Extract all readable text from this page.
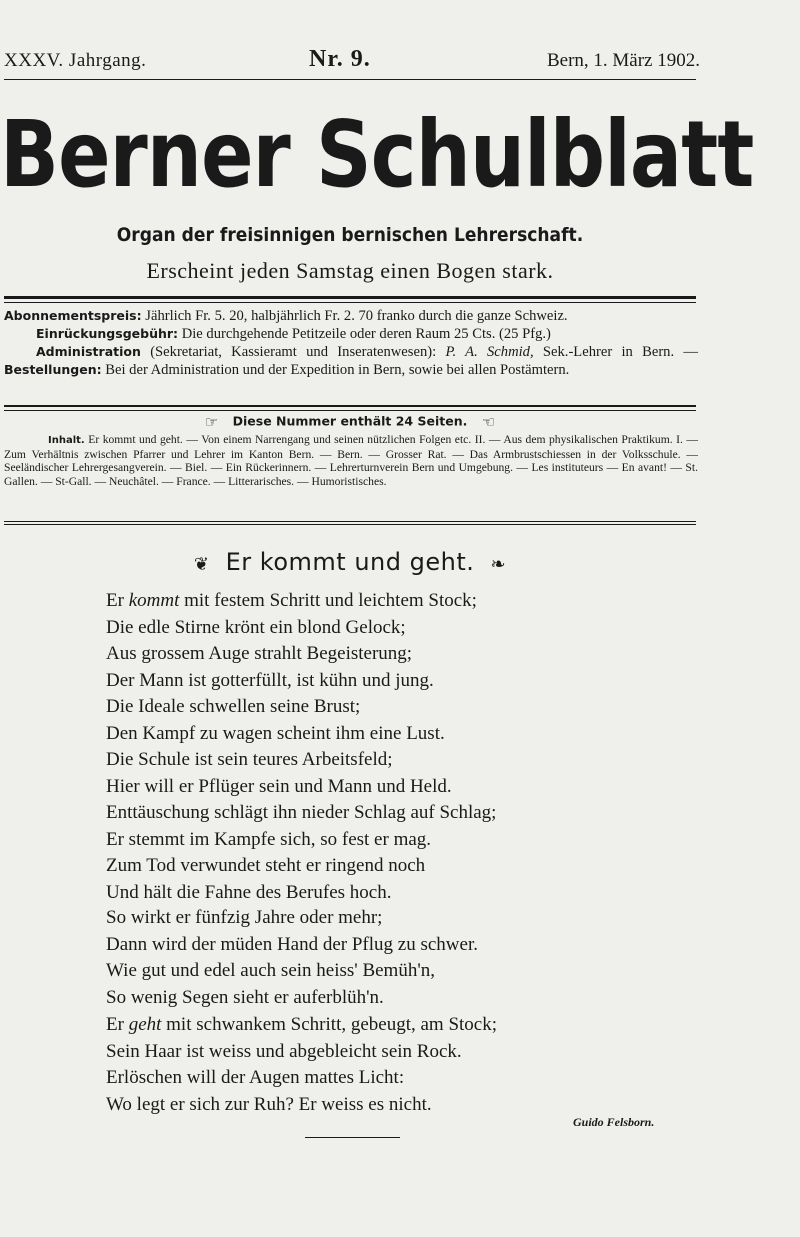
XXXV. Jahrgang.	Nr. 9.	Bern, 1. März 1902.
Berner Schulblatt
Organ der freisinnigen bernischen Lehrerschaft.
Erscheint jeden Samstag einen Bogen stark.
Abonnementspreis: Jährlich Fr. 5. 20, halbjährlich Fr. 2. 70 franko durch die ganze Schweiz.
Einrückungsgebühr: Die durchgehende Petitzeile oder deren Raum 25 Cts. (25 Pfg.)
Administration (Sekretariat, Kassieramt und Inseratenwesen): P. A. Schmid, Sek.-Lehrer in Bern. — Bestellungen: Bei der Administration und der Expedition in Bern, sowie bei allen Postämtern.
☞ Diese Nummer enthält 24 Seiten. ☜
Inhalt. Er kommt und geht. — Von einem Narrengang und seinen nützlichen Folgen etc. II. — Aus dem physikalischen Praktikum. I. — Zum Verhältnis zwischen Pfarrer und Lehrer im Kanton Bern. — Bern. — Grosser Rat. — Das Armbrustschiessen in der Volksschule. — Seeländischer Lehrergesangverein. — Biel. — Ein Rückerinnern. — Lehrerturnverein Bern und Umgebung. — Les instituteurs — En avant! — St. Gallen. — St-Gall. — Neuchâtel. — France. — Litterarisches. — Humoristisches.
❦ Er kommt und geht. ❧
Er kommt mit festem Schritt und leichtem Stock;
Die edle Stirne krönt ein blond Gelock;
Aus grossem Auge strahlt Begeisterung;
Der Mann ist gotterfüllt, ist kühn und jung.
Die Ideale schwellen seine Brust;
Den Kampf zu wagen scheint ihm eine Lust.
Die Schule ist sein teures Arbeitsfeld;
Hier will er Pflüger sein und Mann und Held.
Enttäuschung schlägt ihn nieder Schlag auf Schlag;
Er stemmt im Kampfe sich, so fest er mag.
Zum Tod verwundet steht er ringend noch
Und hält die Fahne des Berufes hoch.
So wirkt er fünfzig Jahre oder mehr;
Dann wird der müden Hand der Pflug zu schwer.
Wie gut und edel auch sein heiss' Bemüh'n,
So wenig Segen sieht er auferblüh'n.
Er geht mit schwankem Schritt, gebeugt, am Stock;
Sein Haar ist weiss und abgebleicht sein Rock.
Erlöschen will der Augen mattes Licht:
Wo legt er sich zur Ruh? Er weiss es nicht.
Guido Felsborn.
